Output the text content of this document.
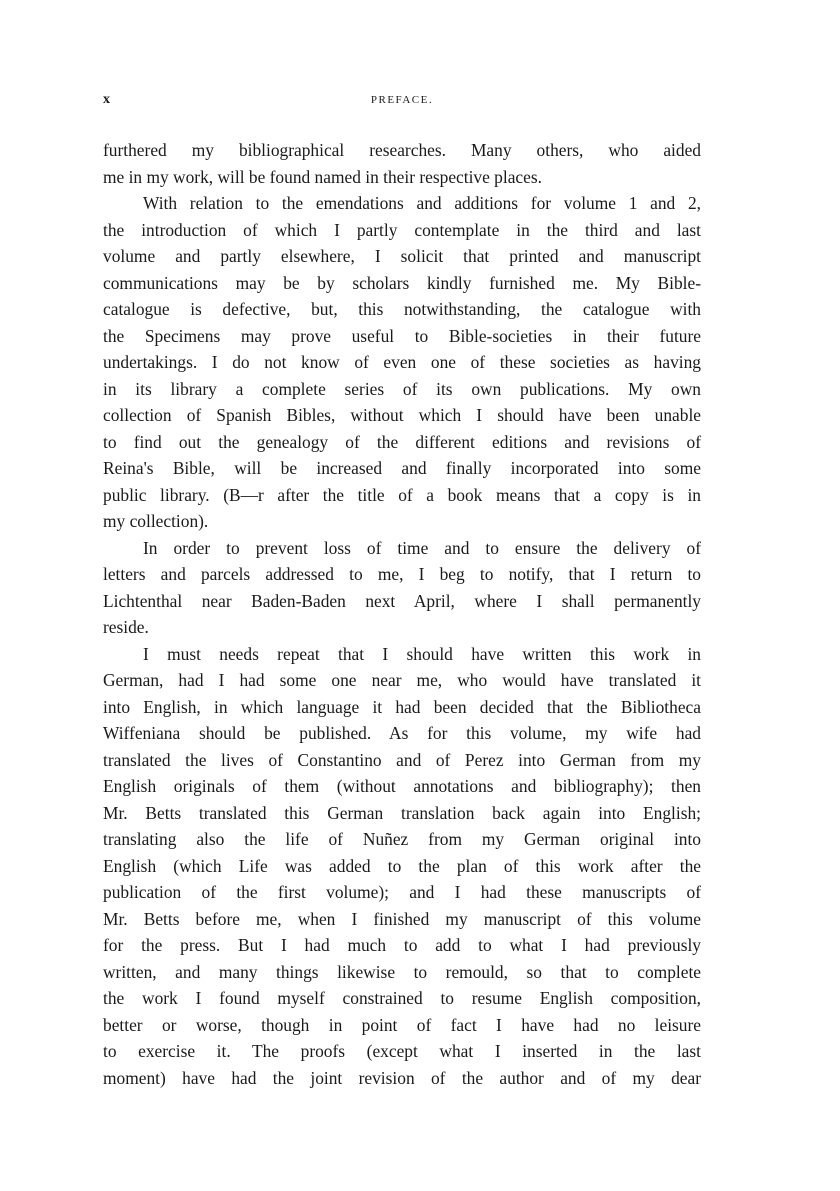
x	PREFACE.
furthered my bibliographical researches. Many others, who aided
me in my work, will be found named in their respective places.
With relation to the emendations and additions for volume 1 and 2,
the introduction of which I partly contemplate in the third and last
volume and partly elsewhere, I solicit that printed and manuscript
communications may be by scholars kindly furnished me. My Bible-
catalogue is defective, but, this notwithstanding, the catalogue with
the Specimens may prove useful to Bible-societies in their future
undertakings. I do not know of even one of these societies as having
in its library a complete series of its own publications. My own
collection of Spanish Bibles, without which I should have been unable
to find out the genealogy of the different editions and revisions of
Reina's Bible, will be increased and finally incorporated into some
public library. (B—r after the title of a book means that a copy is in
my collection).
In order to prevent loss of time and to ensure the delivery of
letters and parcels addressed to me, I beg to notify, that I return to
Lichtenthal near Baden-Baden next April, where I shall permanently
reside.
I must needs repeat that I should have written this work in
German, had I had some one near me, who would have translated it
into English, in which language it had been decided that the Bibliotheca
Wiffeniana should be published. As for this volume, my wife had
translated the lives of Constantino and of Perez into German from my
English originals of them (without annotations and bibliography); then
Mr. Betts translated this German translation back again into English;
translating also the life of Nuñez from my German original into
English (which Life was added to the plan of this work after the
publication of the first volume); and I had these manuscripts of
Mr. Betts before me, when I finished my manuscript of this volume
for the press. But I had much to add to what I had previously
written, and many things likewise to remould, so that to complete
the work I found myself constrained to resume English composition,
better or worse, though in point of fact I have had no leisure
to exercise it. The proofs (except what I inserted in the last
moment) have had the joint revision of the author and of my dear
